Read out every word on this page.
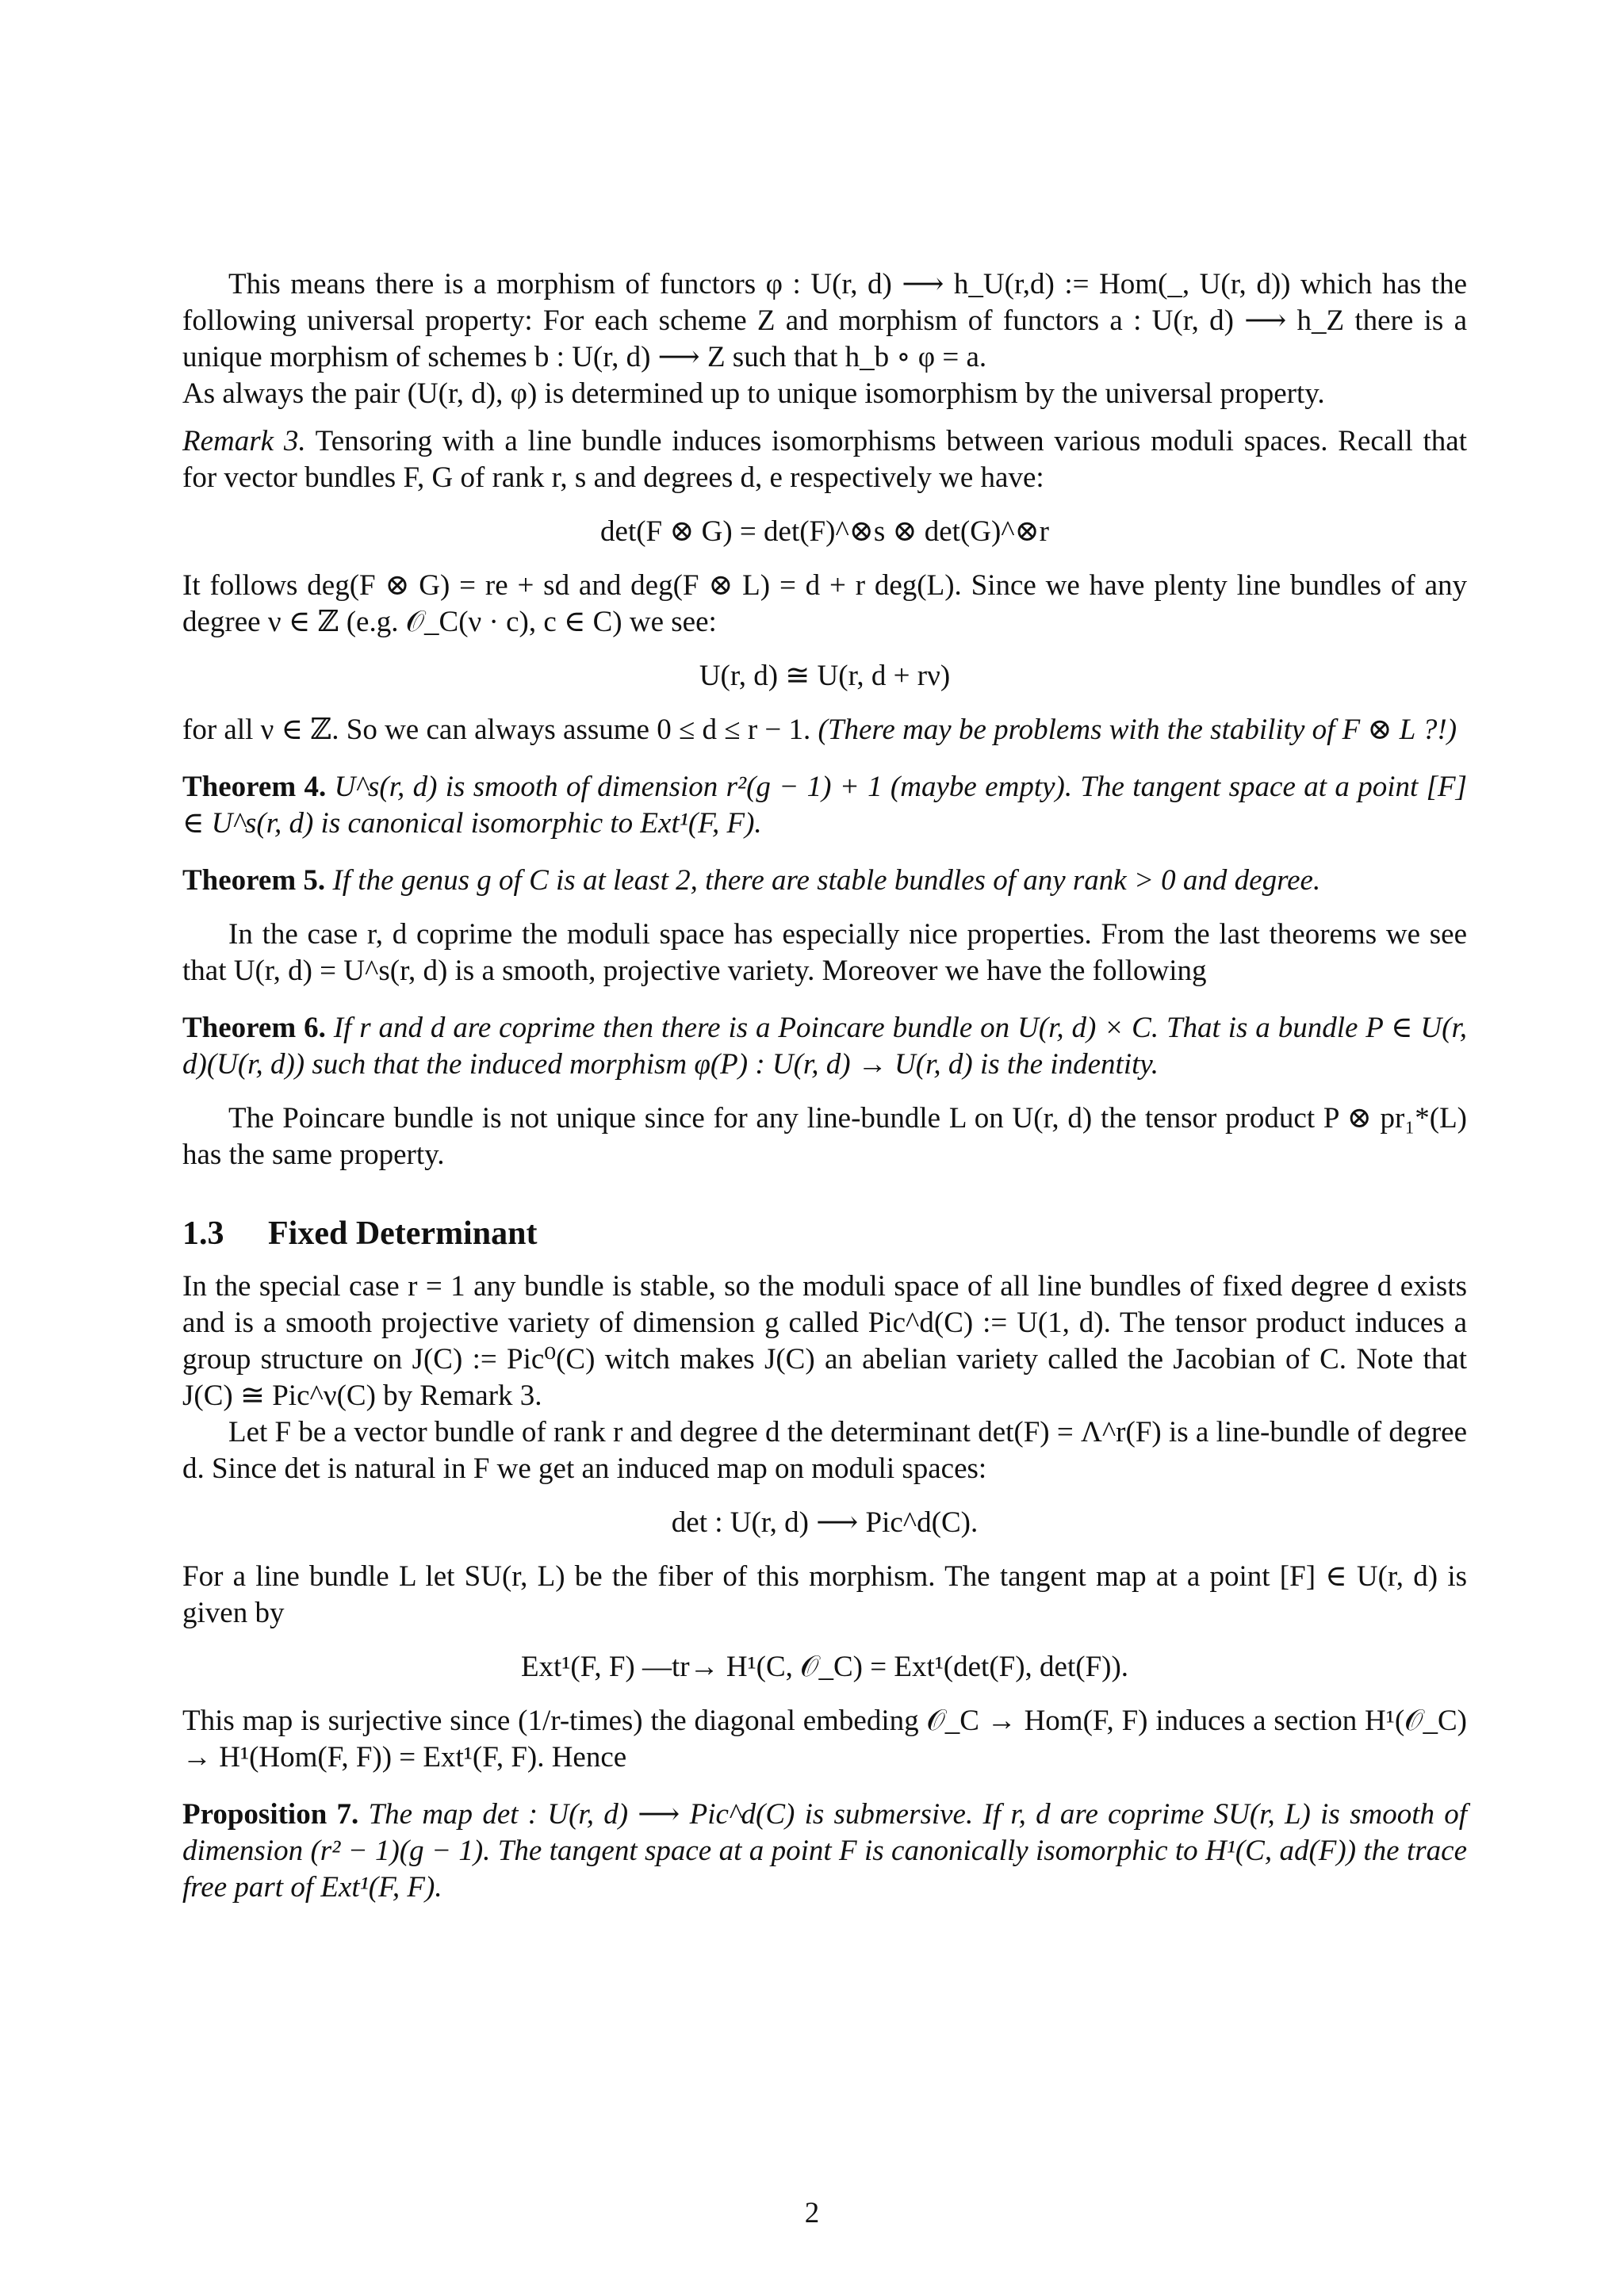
This means there is a morphism of functors φ : U(r, d) ⟶ h_U(r,d) := Hom(_, U(r, d)) which has the following universal property: For each scheme Z and morphism of functors a : U(r, d) ⟶ h_Z there is a unique morphism of schemes b : U(r, d) ⟶ Z such that h_b ∘ φ = a.

As always the pair (U(r, d), φ) is determined up to unique isomorphism by the universal property.

Remark 3. Tensoring with a line bundle induces isomorphisms between various moduli spaces. Recall that for vector bundles F, G of rank r, s and degrees d, e respectively we have:

det(F ⊗ G) = det(F)^⊗s ⊗ det(G)^⊗r

It follows deg(F ⊗ G) = re + sd and deg(F ⊗ L) = d + r deg(L). Since we have plenty line bundles of any degree ν ∈ ℤ (e.g. 𝒪_C(ν · c), c ∈ C) we see:

U(r, d) ≅ U(r, d + rν)

for all ν ∈ ℤ. So we can always assume 0 ≤ d ≤ r − 1. (There may be problems with the stability of F ⊗ L ?!)

Theorem 4. U^s(r, d) is smooth of dimension r²(g − 1) + 1 (maybe empty). The tangent space at a point [F] ∈ U^s(r, d) is canonical isomorphic to Ext¹(F, F).

Theorem 5. If the genus g of C is at least 2, there are stable bundles of any rank > 0 and degree.

In the case r, d coprime the moduli space has especially nice properties. From the last theorems we see that U(r, d) = U^s(r, d) is a smooth, projective variety. Moreover we have the following

Theorem 6. If r and d are coprime then there is a Poincare bundle on U(r, d) × C. That is a bundle P ∈ U(r, d)(U(r, d)) such that the induced morphism φ(P) : U(r, d) → U(r, d) is the indentity.

The Poincare bundle is not unique since for any line-bundle L on U(r, d) the tensor product P ⊗ pr₁*(L) has the same property.

1.3 Fixed Determinant

In the special case r = 1 any bundle is stable, so the moduli space of all line bundles of fixed degree d exists and is a smooth projective variety of dimension g called Pic^d(C) := U(1, d). The tensor product induces a group structure on J(C) := Pic⁰(C) witch makes J(C) an abelian variety called the Jacobian of C. Note that J(C) ≅ Pic^ν(C) by Remark 3.

Let F be a vector bundle of rank r and degree d the determinant det(F) = Λ^r(F) is a line-bundle of degree d. Since det is natural in F we get an induced map on moduli spaces:

det : U(r, d) ⟶ Pic^d(C).

For a line bundle L let SU(r, L) be the fiber of this morphism. The tangent map at a point [F] ∈ U(r, d) is given by

Ext¹(F, F) —tr→ H¹(C, 𝒪_C) = Ext¹(det(F), det(F)).

This map is surjective since (1/r-times) the diagonal embeding 𝒪_C → Hom(F, F) induces a section H¹(𝒪_C) → H¹(Hom(F, F)) = Ext¹(F, F). Hence

Proposition 7. The map det : U(r, d) ⟶ Pic^d(C) is submersive. If r, d are coprime SU(r, L) is smooth of dimension (r² − 1)(g − 1). The tangent space at a point F is canonically isomorphic to H¹(C, ad(F)) the trace free part of Ext¹(F, F).

2
